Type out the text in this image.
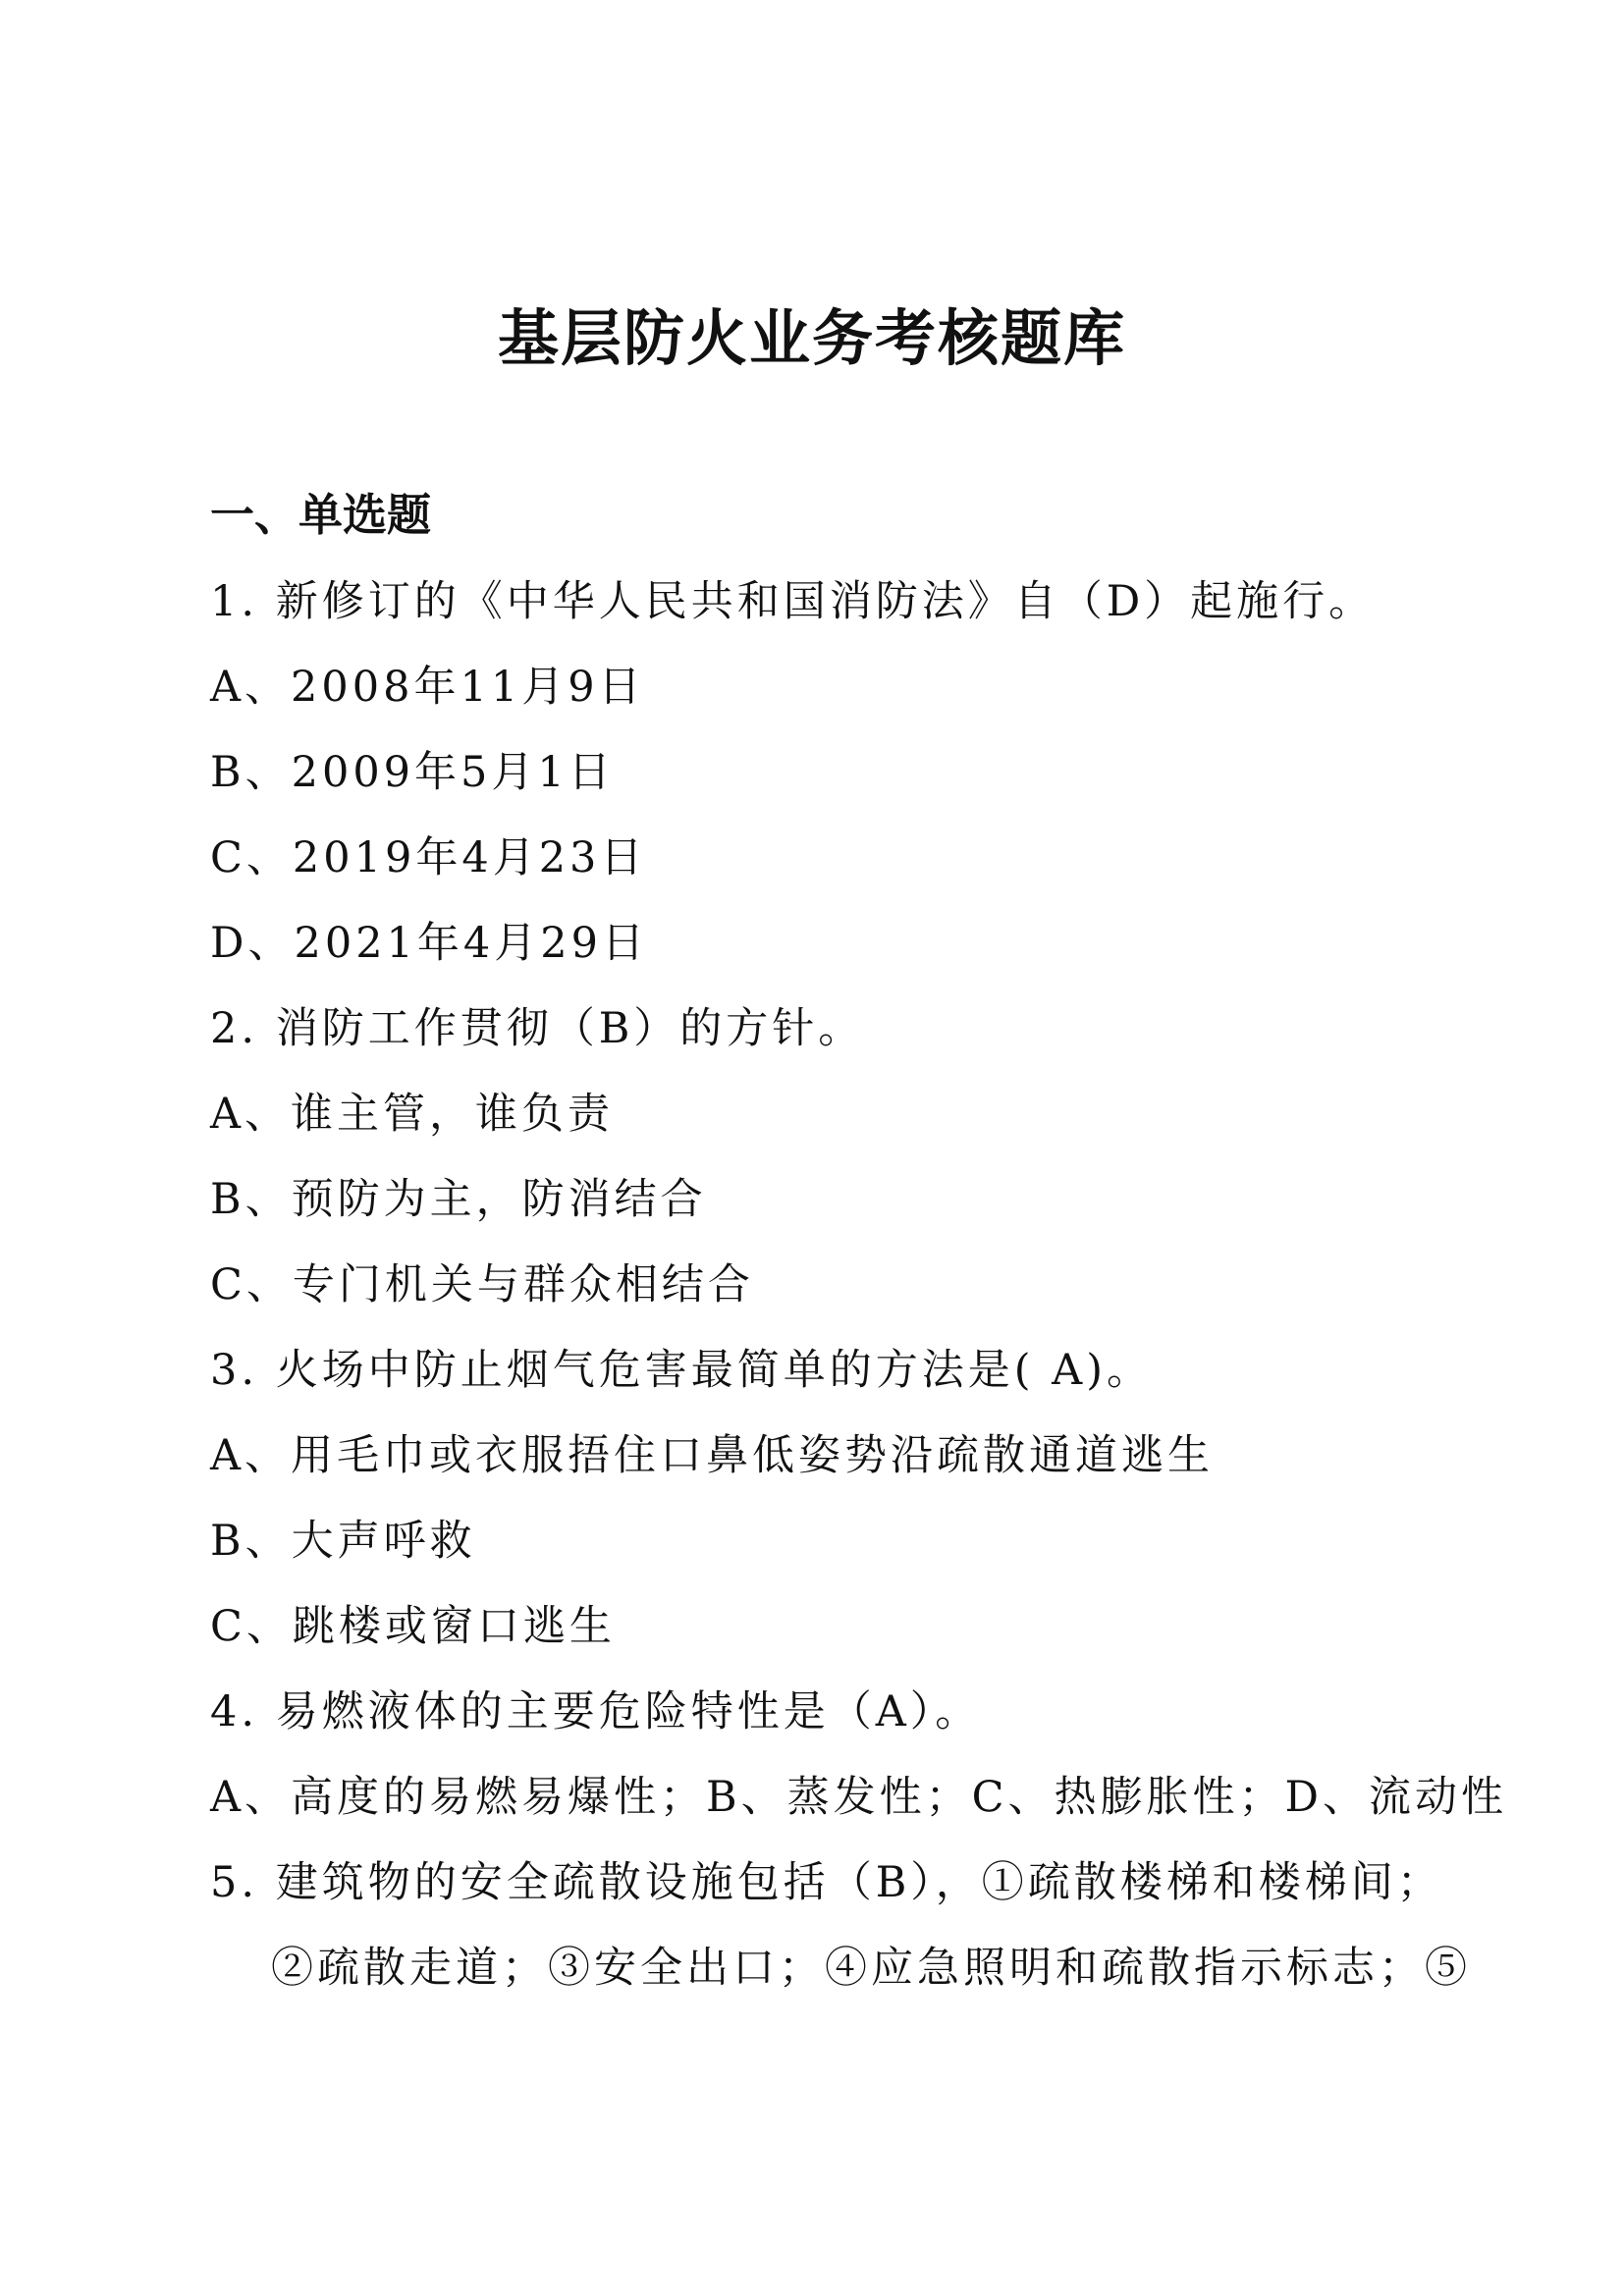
基层防火业务考核题库
一、单选题
1. 新修订的《中华人民共和国消防法》自（D）起施行。
A、2008年11月9日
B、2009年5月1日
C、2019年4月23日
D、2021年4月29日
2. 消防工作贯彻（B）的方针。
A、谁主管，谁负责
B、预防为主，防消结合
C、专门机关与群众相结合
3. 火场中防止烟气危害最简单的方法是( A)。
A、用毛巾或衣服捂住口鼻低姿势沿疏散通道逃生
B、大声呼救
C、跳楼或窗口逃生
4. 易燃液体的主要危险特性是（A）。
A、高度的易燃易爆性；B、蒸发性；C、热膨胀性；D、流动性
5. 建筑物的安全疏散设施包括（B），①疏散楼梯和楼梯间；
②疏散走道；③安全出口；④应急照明和疏散指示标志；⑤
